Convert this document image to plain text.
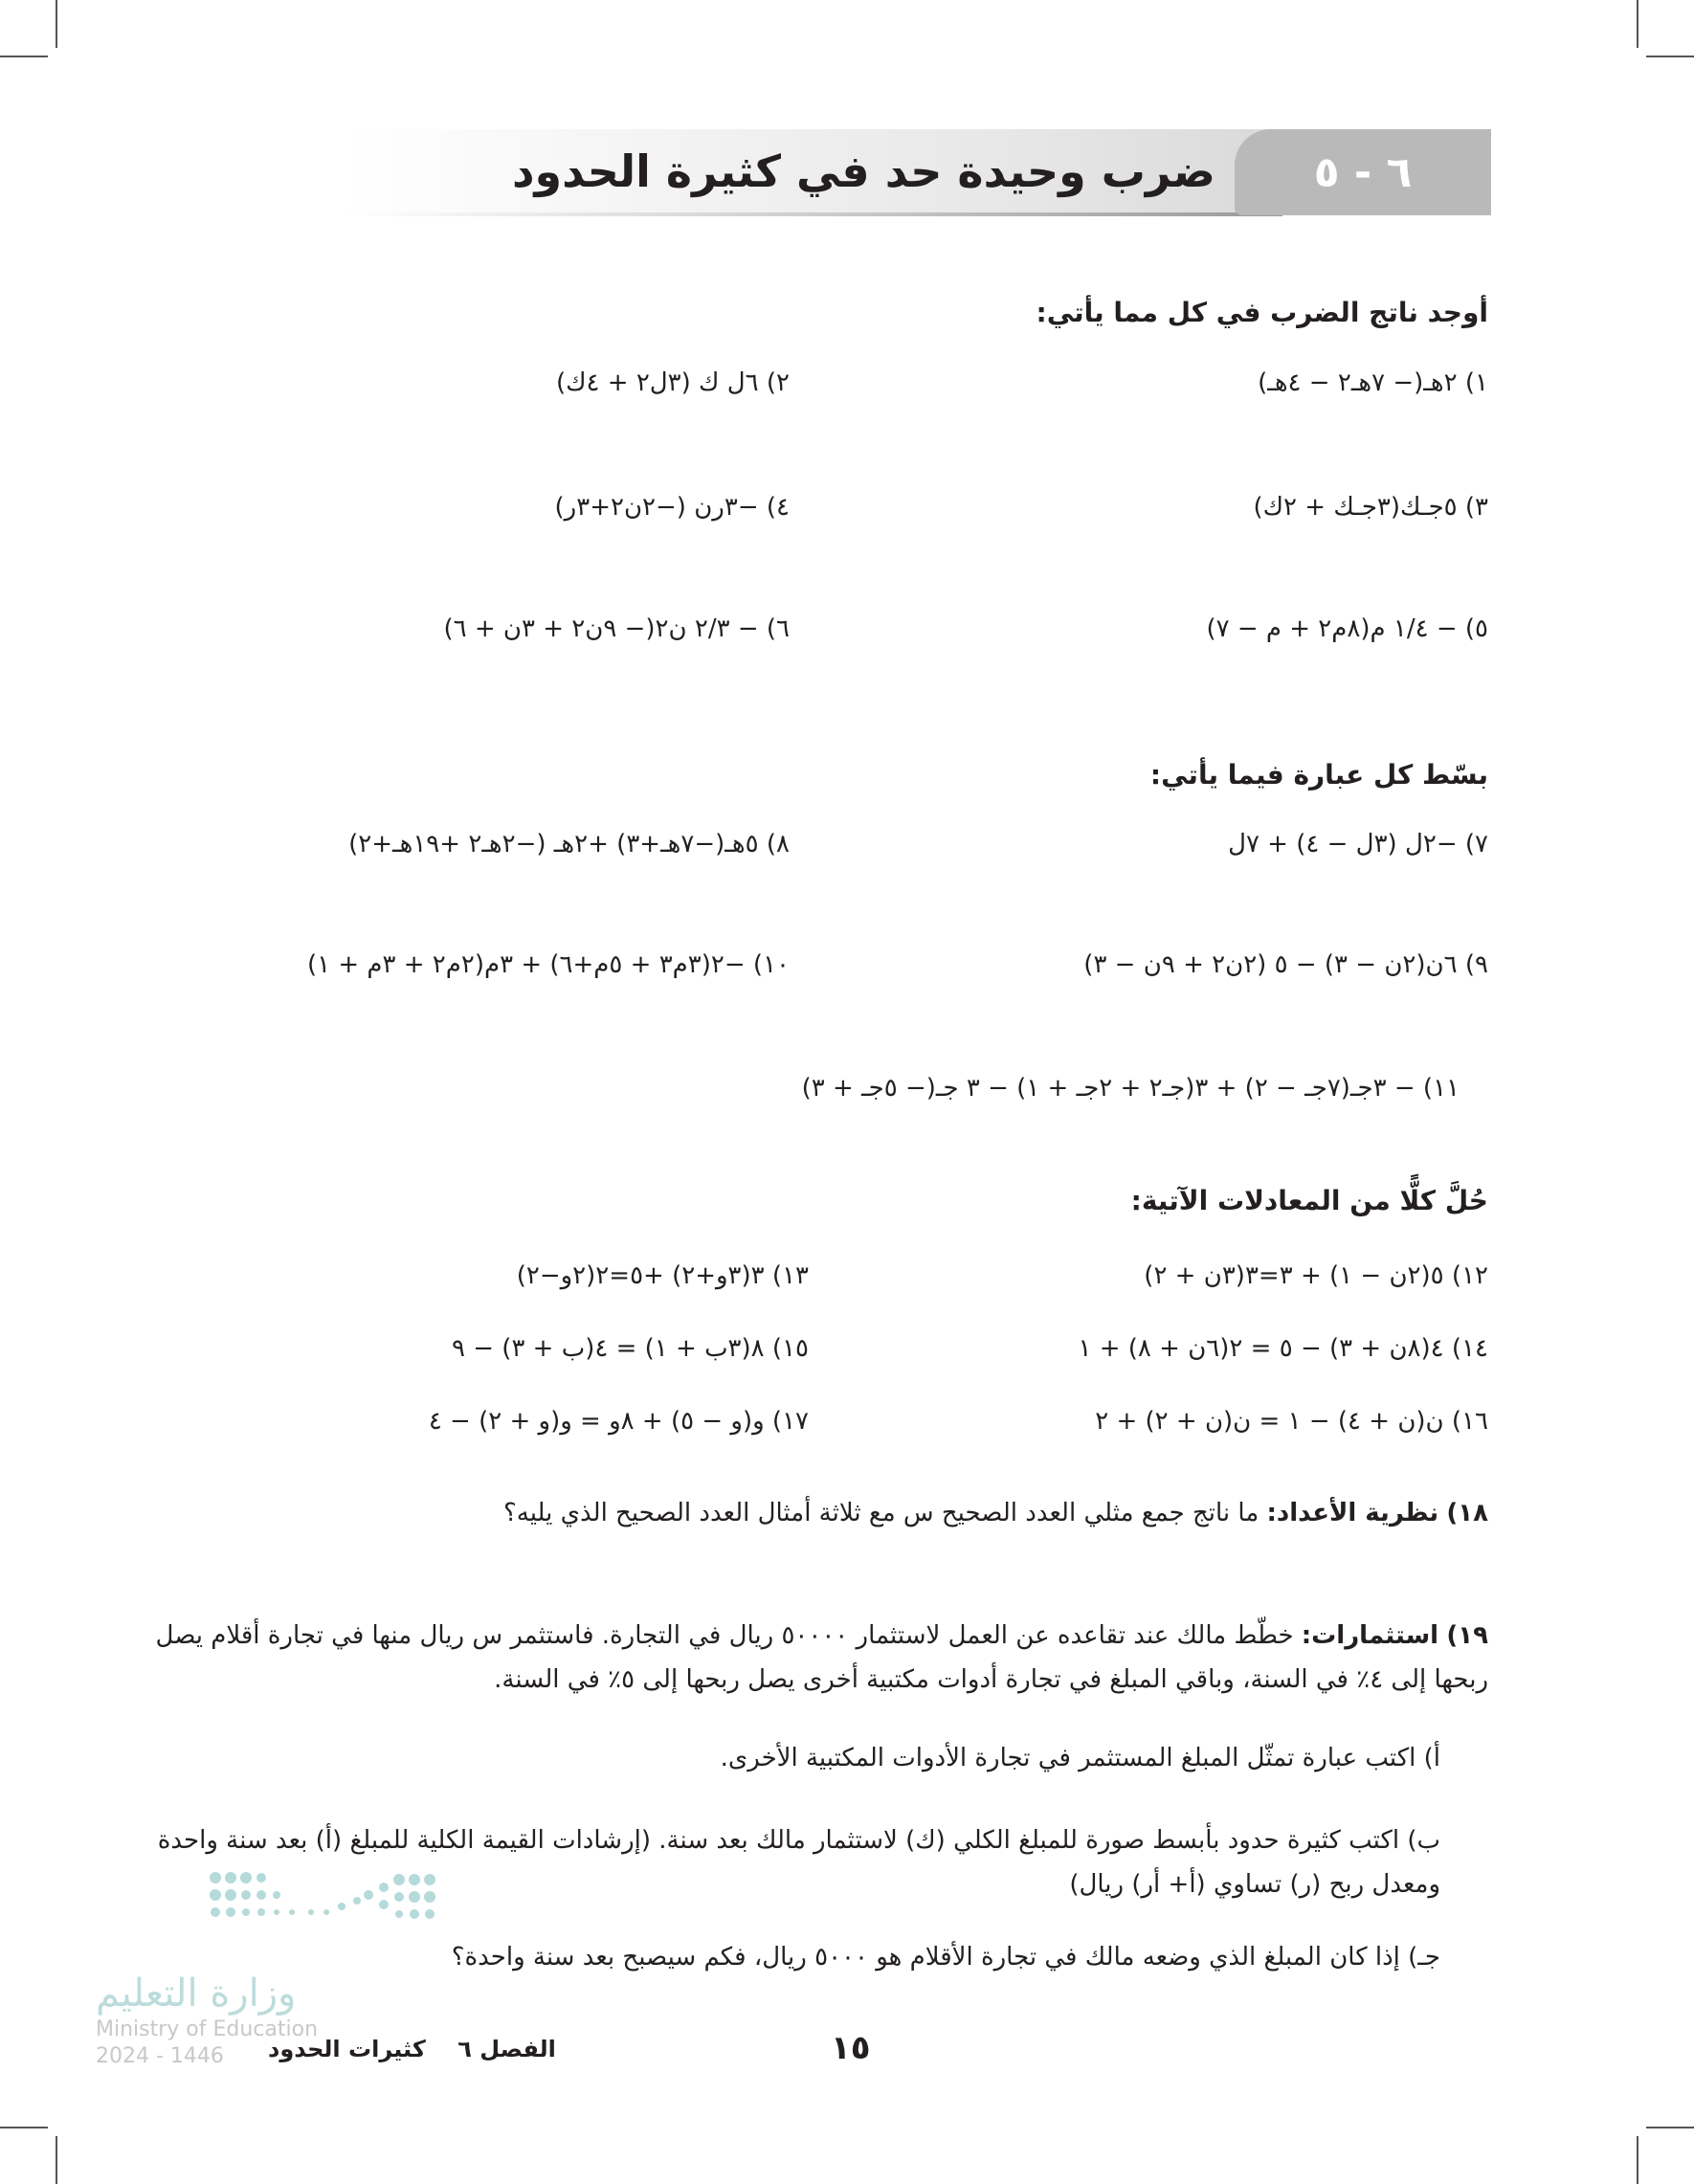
٦ - ٥
ضرب وحيدة حد في كثيرة الحدود
أوجد ناتج الضرب في كل مما يأتي:
١) ٢هـ(− ٧هـ٢ − ٤هـ)
٢) ٦ل ك (٣ل٢ + ٤ك)
٣) ٥جـك(٣جـك + ٢ك)
٤) −٣رن (−٢ن٢+٣ر)
٥) − ١/٤ م(٨م٢ + م − ٧)
٦) − ٢/٣ ن٢(− ٩ن٢ + ٣ن + ٦)
بسّط كل عبارة فيما يأتي:
٧) −٢ل (٣ل − ٤) + ٧ل
٨) ٥هـ(−٧هـ+٣) +٢هـ (−٢هـ٢ +١٩هـ+٢)
٩) ٦ن(٢ن − ٣) − ٥ (٢ن٢ + ٩ن − ٣)
١٠) −٢(٣م٣ + ٥م+٦) + ٣م(٢م٢ + ٣م + ١)
١١) − ٣جـ(٧جـ − ٢) + ٣(جـ٢ + ٢جـ + ١) − ٣ جـ(− ٥جـ + ٣)
حُلَّ كلًّا من المعادلات الآتية:
١٢) ٥(٢ن − ١) + ٣=٣(٣ن + ٢)
١٣) ٣(٣و+٢) +٥=٢(٢و−٢)
١٤) ٤(٨ن + ٣) − ٥ = ٢(٦ن + ٨) + ١
١٥) ٨(٣ب + ١) = ٤(ب + ٣) − ٩
١٦) ن(ن + ٤) − ١ = ن(ن + ٢) + ٢
١٧) و(و − ٥) + ٨و = و(و + ٢) − ٤
١٨) نظرية الأعداد: ما ناتج جمع مثلي العدد الصحيح س مع ثلاثة أمثال العدد الصحيح الذي يليه؟
١٩) استثمارات: خطّط مالك عند تقاعده عن العمل لاستثمار ٥٠٠٠٠ ريال في التجارة. فاستثمر س ريال منها في تجارة أقلام يصل ربحها إلى ٤٪ في السنة، وباقي المبلغ في تجارة أدوات مكتبية أخرى يصل ربحها إلى ٥٪ في السنة.
أ) اكتب عبارة تمثّل المبلغ المستثمر في تجارة الأدوات المكتبية الأخرى.
ب) اكتب كثيرة حدود بأبسط صورة للمبلغ الكلي (ك) لاستثمار مالك بعد سنة. (إرشادات القيمة الكلية للمبلغ (أ) بعد سنة واحدة ومعدل ربح (ر) تساوي (أ+ أر) ريال)
جـ) إذا كان المبلغ الذي وضعه مالك في تجارة الأقلام هو ٥٠٠٠ ريال، فكم سيصبح بعد سنة واحدة؟
وزارة التعليم
Ministry of Education
2024 - 1446	الفصل ٦    كثيرات الحدود	١٥
